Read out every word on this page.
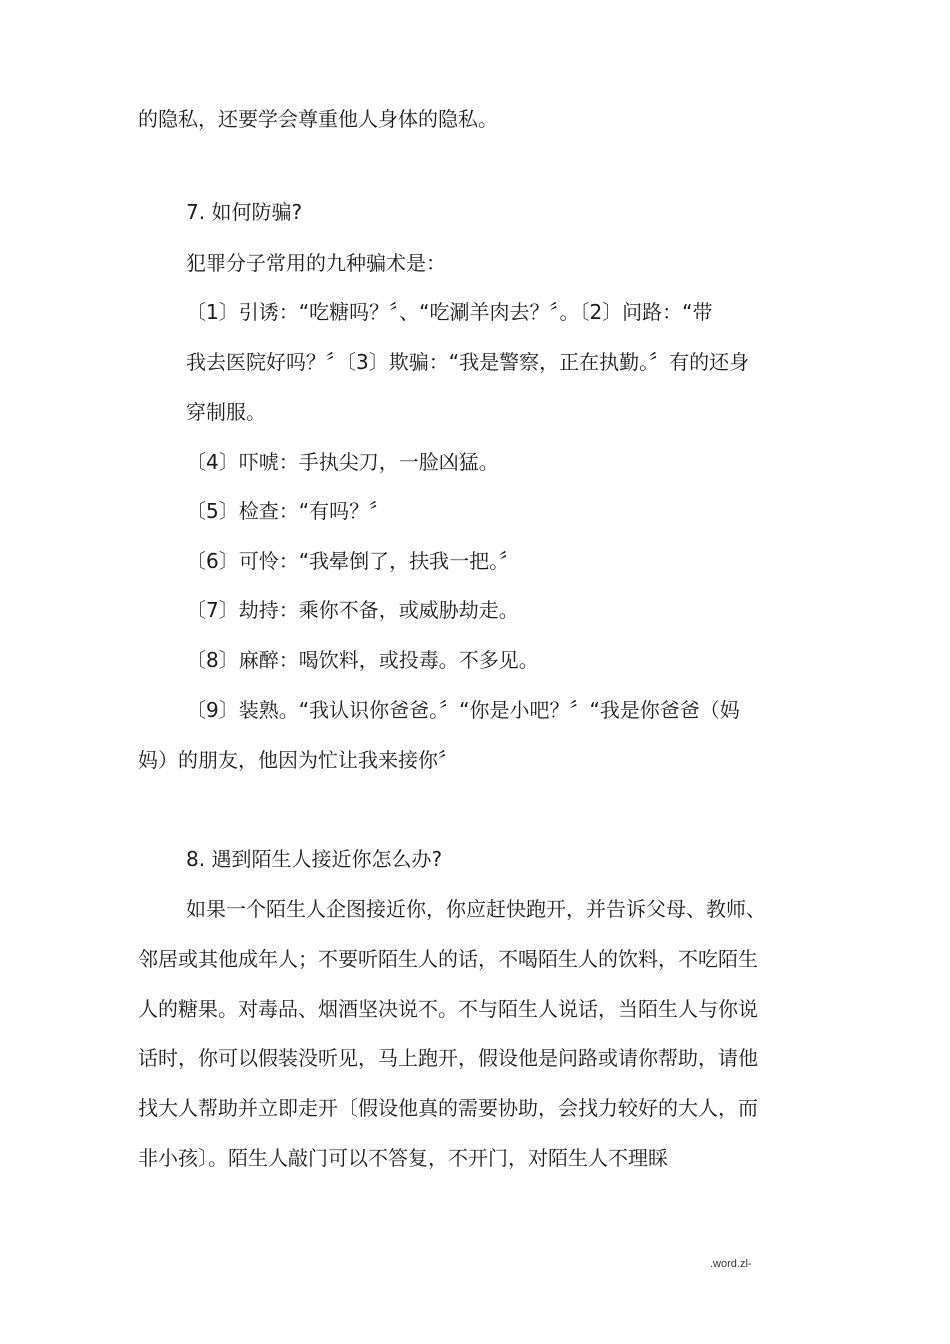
的隐私，还要学会尊重他人身体的隐私。
7. 如何防骗?
犯罪分子常用的九种骗术是：
〔1〕引诱：“吃糖吗？〞、“吃涮羊肉去？〞。〔2〕问路：“带
我去医院好吗？〞〔3〕欺骗：“我是警察，正在执勤。〞有的还身
穿制服。
〔4〕吓唬：手执尖刀，一脸凶猛。
〔5〕检查：“有吗？〞
〔6〕可怜：“我晕倒了，扶我一把。〞
〔7〕劫持：乘你不备，或威胁劫走。
〔8〕麻醉：喝饮料，或投毒。不多见。
〔9〕装熟。“我认识你爸爸。〞“你是小吧？〞“我是你爸爸（妈
妈）的朋友，他因为忙让我来接你〞
8. 遇到陌生人接近你怎么办?
如果一个陌生人企图接近你，你应赶快跑开，并告诉父母、教师、
邻居或其他成年人；不要听陌生人的话，不喝陌生人的饮料，不吃陌生
人的糖果。对毒品、烟酒坚决说不。不与陌生人说话，当陌生人与你说
话时，你可以假装没听见，马上跑开，假设他是问路或请你帮助，请他
找大人帮助并立即走开〔假设他真的需要协助，会找力较好的大人，而
非小孩〕。陌生人敲门可以不答复，不开门，对陌生人不理睬
.word.zl-
